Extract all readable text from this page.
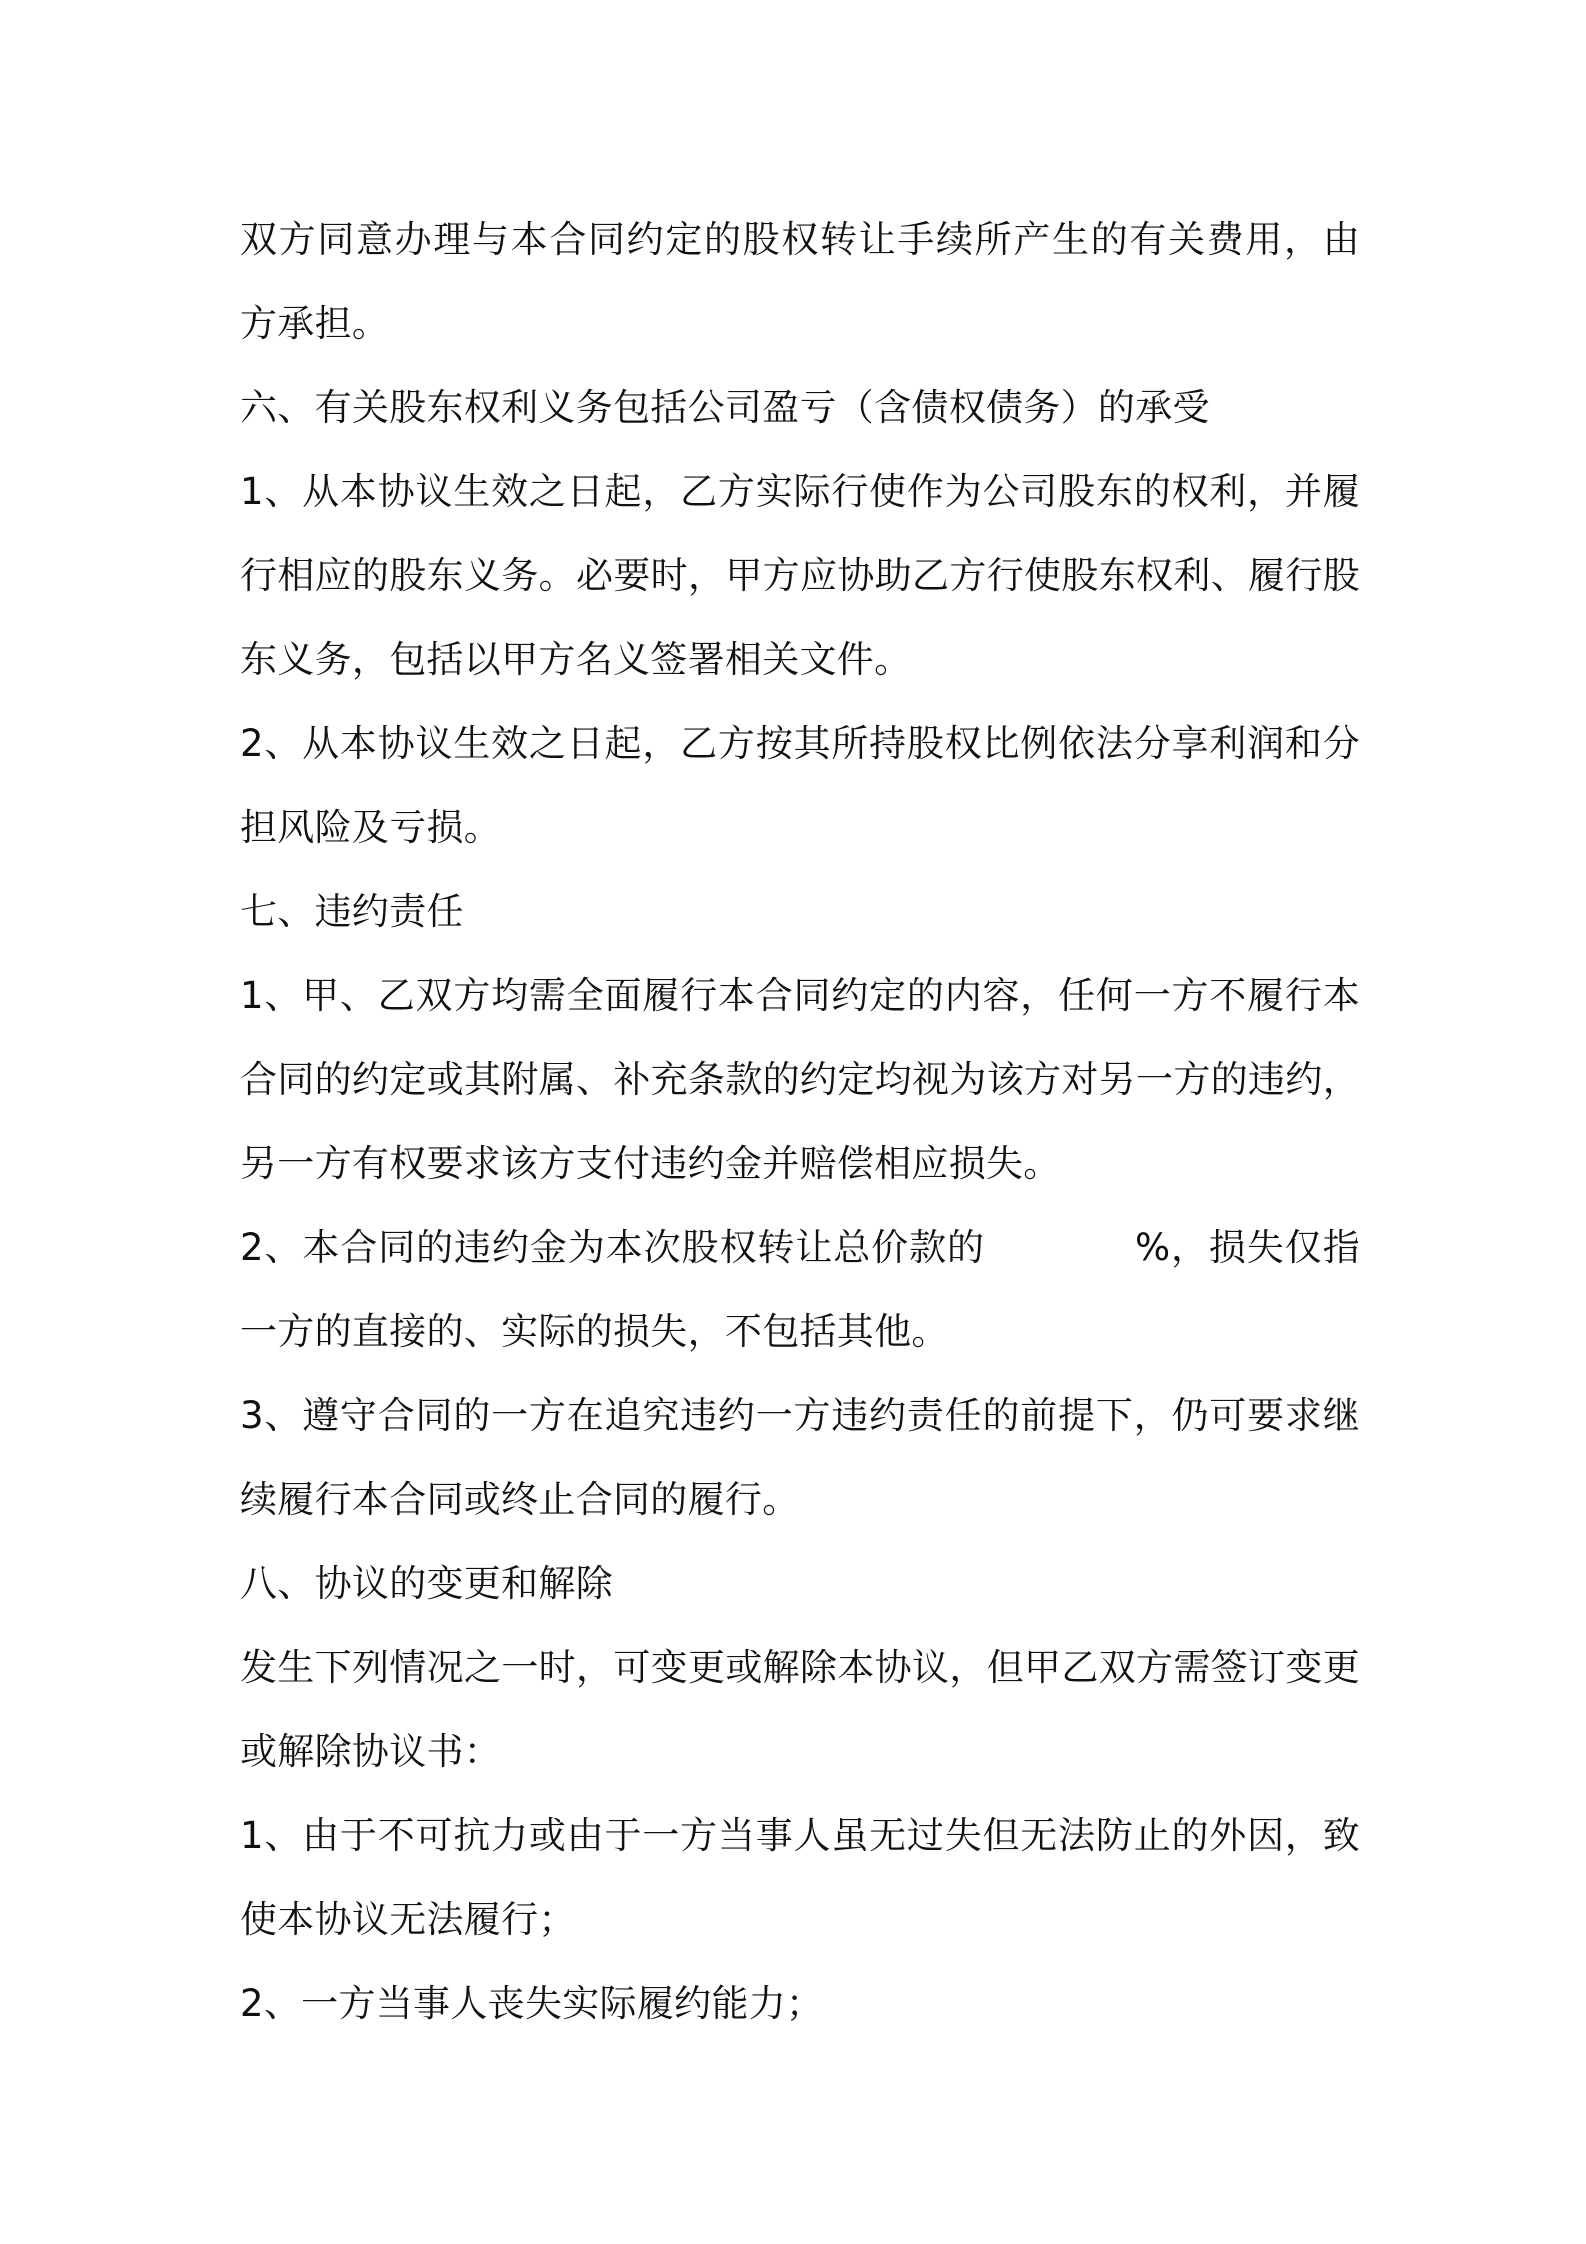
双方同意办理与本合同约定的股权转让手续所产生的有关费用，由
方承担。
六、有关股东权利义务包括公司盈亏（含债权债务）的承受
1、从本协议生效之日起，乙方实际行使作为公司股东的权利，并履
行相应的股东义务。必要时，甲方应协助乙方行使股东权利、履行股
东义务，包括以甲方名义签署相关文件。
2、从本协议生效之日起，乙方按其所持股权比例依法分享利润和分
担风险及亏损。
七、违约责任
1、甲、乙双方均需全面履行本合同约定的内容，任何一方不履行本
合同的约定或其附属、补充条款的约定均视为该方对另一方的违约，
另一方有权要求该方支付违约金并赔偿相应损失。
2、本合同的违约金为本次股权转让总价款的	%，损失仅指
一方的直接的、实际的损失，不包括其他。
3、遵守合同的一方在追究违约一方违约责任的前提下，仍可要求继
续履行本合同或终止合同的履行。
八、协议的变更和解除
发生下列情况之一时，可变更或解除本协议，但甲乙双方需签订变更
或解除协议书：
1、由于不可抗力或由于一方当事人虽无过失但无法防止的外因，致
使本协议无法履行；
2、一方当事人丧失实际履约能力；
